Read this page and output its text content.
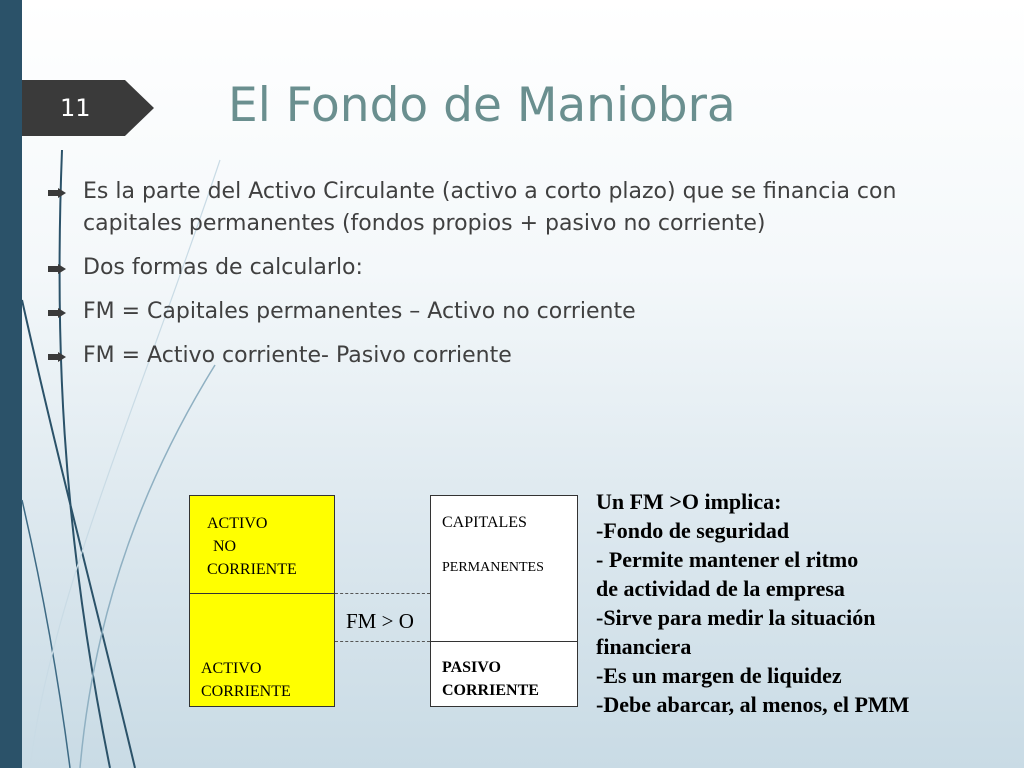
11	El Fondo de Maniobra
Es la parte del Activo Circulante (activo a corto plazo) que se financia con capitales permanentes (fondos propios + pasivo no corriente)
Dos formas de calcularlo:
FM = Capitales permanentes – Activo no corriente
FM = Activo corriente- Pasivo corriente
ACTIVO
NO
CORRIENTE
ACTIVO
CORRIENTE
CAPITALES
PERMANENTES
PASIVO
CORRIENTE
FM > O
Un FM >O implica:
-Fondo de seguridad
- Permite mantener el ritmo
de actividad de la empresa
-Sirve para medir la situación
financiera
-Es un margen de liquidez
-Debe abarcar, al menos, el PMM
